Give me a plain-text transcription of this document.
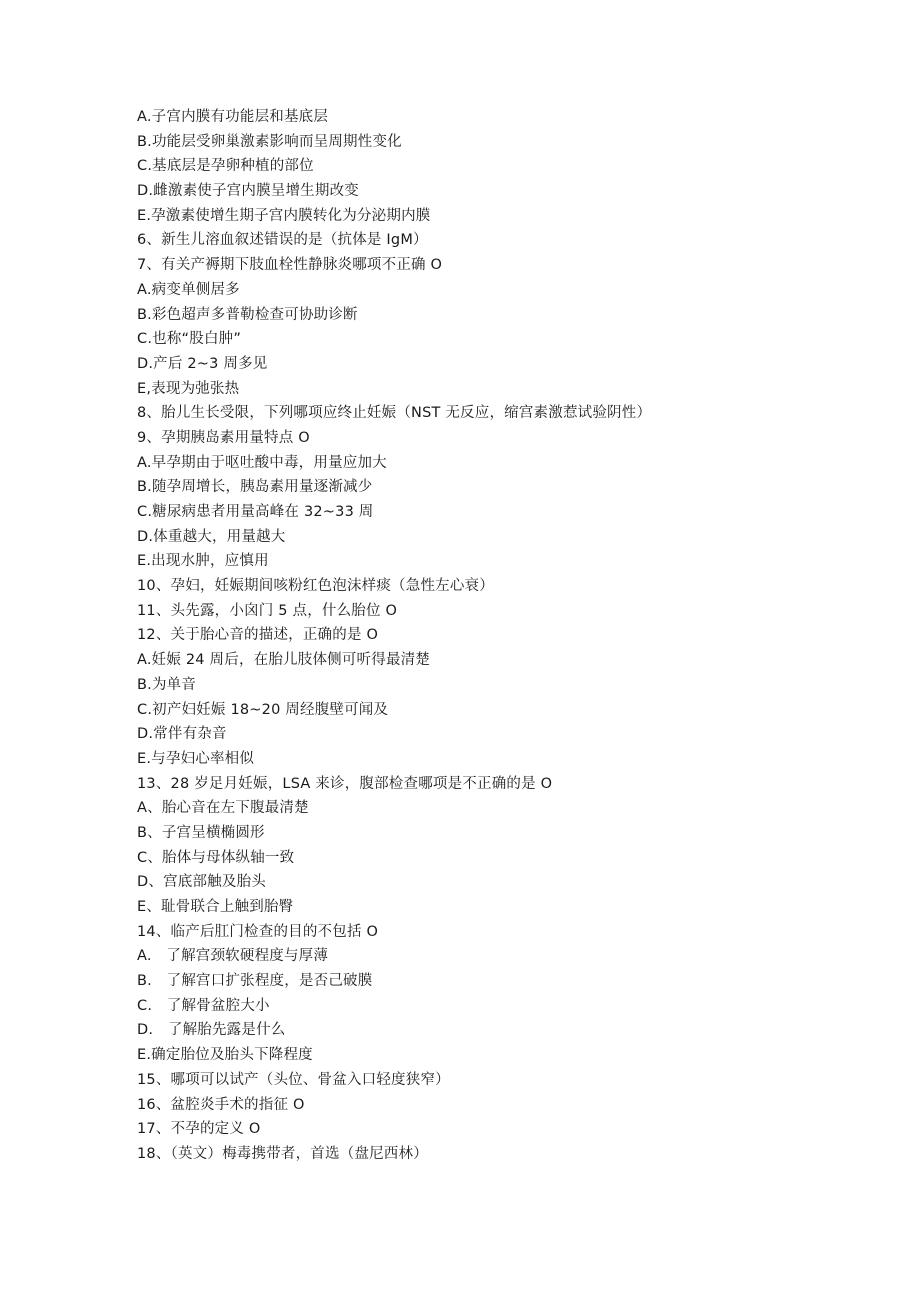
A.子宫内膜有功能层和基底层
B.功能层受卵巢激素影响而呈周期性变化
C.基底层是孕卵种植的部位
D.雌激素使子宫内膜呈增生期改变
E.孕激素使增生期子宫内膜转化为分泌期内膜
6、新生儿溶血叙述错误的是（抗体是 IgM）
7、有关产褥期下肢血栓性静脉炎哪项不正确 O
A.病变单侧居多
B.彩色超声多普勒检查可协助诊断
C.也称“股白肿”
D.产后 2~3 周多见
E,表现为弛张热
8、胎儿生长受限，下列哪项应终止妊娠（NST 无反应，缩宫素激惹试验阴性）
9、孕期胰岛素用量特点 O
A.早孕期由于呕吐酸中毒，用量应加大
B.随孕周增长，胰岛素用量逐渐减少
C.糖尿病患者用量高峰在 32~33 周
D.体重越大，用量越大
E.出现水肿，应慎用
10、孕妇，妊娠期间咳粉红色泡沫样痰（急性左心衰）
11、头先露，小囟门 5 点，什么胎位 O
12、关于胎心音的描述，正确的是 O
A.妊娠 24 周后，在胎儿肢体侧可听得最清楚
B.为单音
C.初产妇妊娠 18~20 周经腹壁可闻及
D.常伴有杂音
E.与孕妇心率相似
13、28 岁足月妊娠，LSA 来诊，腹部检查哪项是不正确的是 O
A、胎心音在左下腹最清楚
B、子宫呈横椭圆形
C、胎体与母体纵轴一致
D、宫底部触及胎头
E、耻骨联合上触到胎臀
14、临产后肛门检查的目的不包括 O
A.　了解宫颈软硬程度与厚薄
B.　了解宫口扩张程度，是否己破膜
C.　了解骨盆腔大小
D.　了解胎先露是什么
E.确定胎位及胎头下降程度
15、哪项可以试产（头位、骨盆入口轻度狭窄）
16、盆腔炎手术的指征 O
17、不孕的定义 O
18、（英文）梅毒携带者，首选（盘尼西林）
